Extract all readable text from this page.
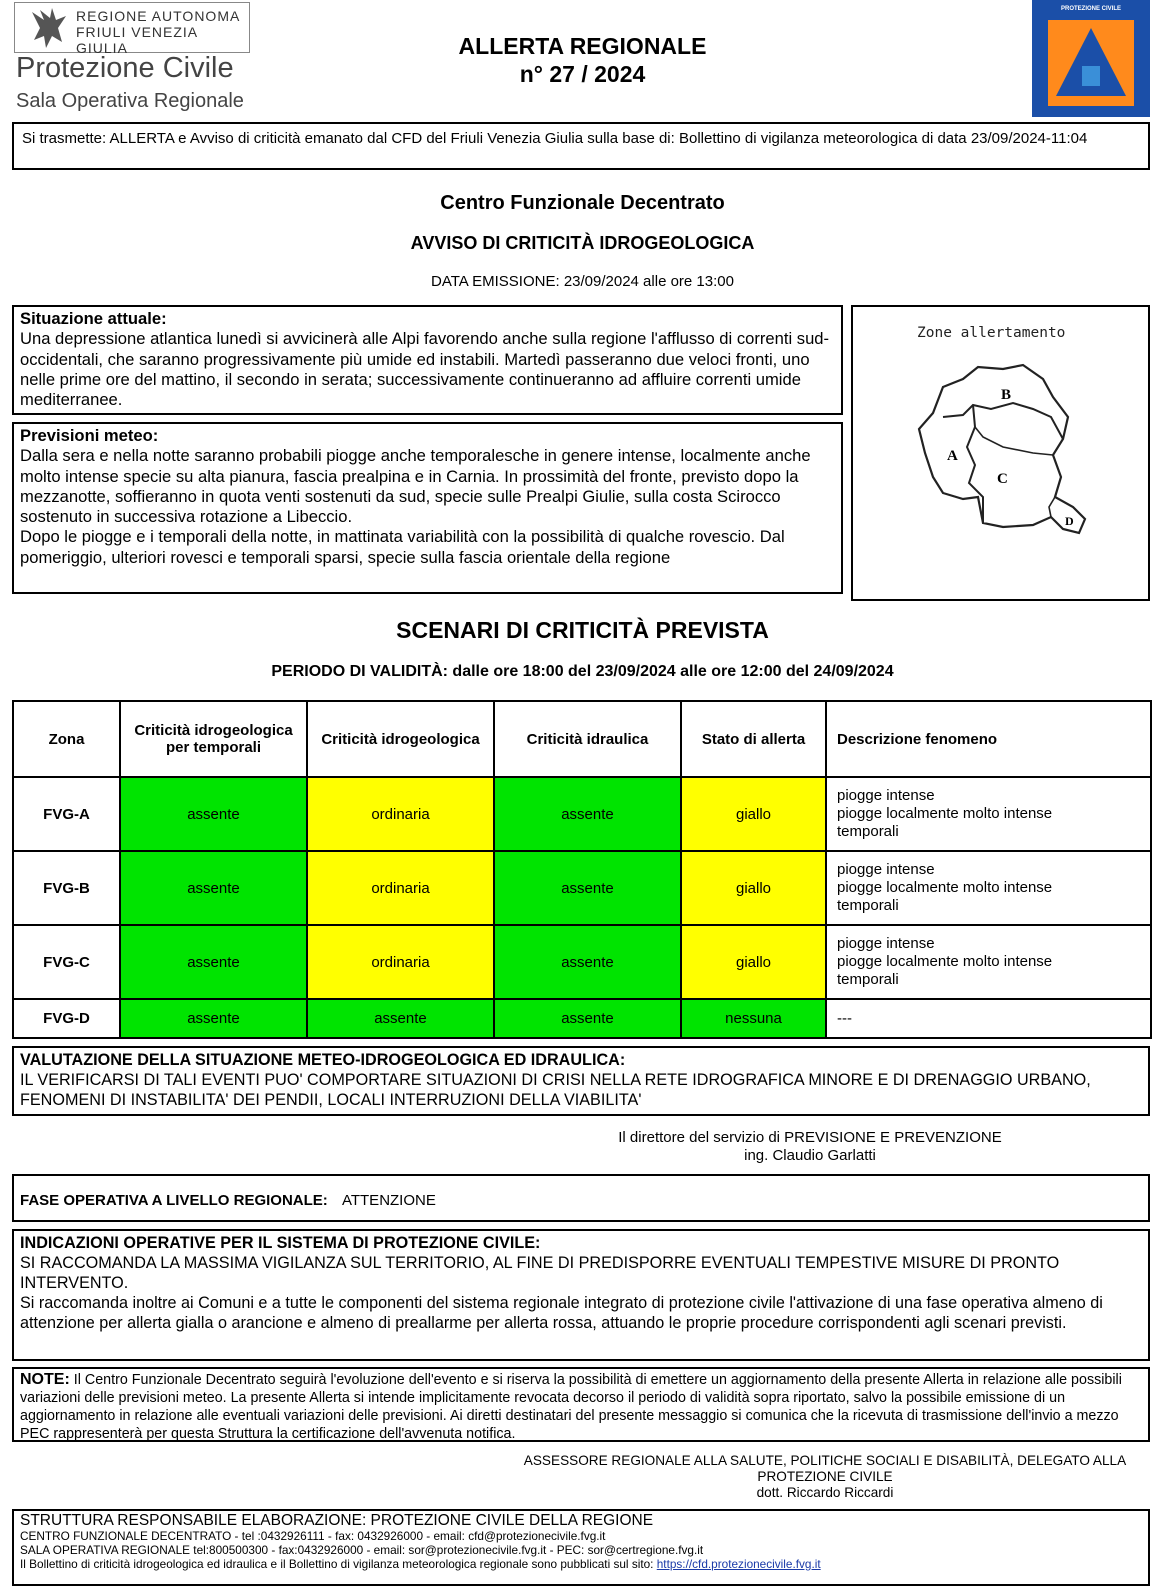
REGIONE AUTONOMA FRIULI VENEZIA GIULIA
Protezione Civile
Sala Operativa Regionale
PROTEZIONE CIVILE
ALLERTA REGIONALE
n° 27 / 2024
Si trasmette: ALLERTA e Avviso di criticità emanato dal CFD del Friuli Venezia Giulia sulla base di: Bollettino di vigilanza meteorologica di data 23/09/2024-11:04
Centro Funzionale Decentrato
AVVISO DI CRITICITÀ IDROGEOLOGICA
DATA EMISSIONE: 23/09/2024 alle ore 13:00
Situazione attuale:
Una depressione atlantica lunedì si avvicinerà alle Alpi favorendo anche sulla regione l'afflusso di correnti sud-occidentali, che saranno progressivamente più umide ed instabili. Martedì passeranno due veloci fronti, uno nelle prime ore del mattino, il secondo in serata; successivamente continueranno ad affluire correnti umide mediterranee.
Previsioni meteo:
Dalla sera e nella notte saranno probabili piogge anche temporalesche in genere intense, localmente anche molto intense specie su alta pianura, fascia prealpina e in Carnia. In prossimità del fronte, previsto dopo la mezzanotte, soffieranno in quota venti sostenuti da sud, specie sulle Prealpi Giulie, sulla costa Scirocco sostenuto in successiva rotazione a Libeccio.
Dopo le piogge e i temporali della notte, in mattinata variabilità con la possibilità di qualche rovescio. Dal pomeriggio, ulteriori rovesci e temporali sparsi, specie sulla fascia orientale della regione
Zone allertamento
B
A
C
D
SCENARI DI CRITICITÀ PREVISTA
PERIODO DI VALIDITÀ: dalle ore 18:00 del 23/09/2024 alle ore 12:00 del 24/09/2024
Zona	Criticità idrogeologica per temporali	Criticità idrogeologica	Criticità idraulica	Stato di allerta	Descrizione fenomeno
FVG-A	assente	ordinaria	assente	giallo	piogge intense
piogge localmente molto intense
temporali

FVG-B	assente	ordinaria	assente	giallo	piogge intense
piogge localmente molto intense
temporali

FVG-C	assente	ordinaria	assente	giallo	piogge intense
piogge localmente molto intense
temporali

FVG-D	assente	assente	assente	nessuna	---
VALUTAZIONE DELLA SITUAZIONE METEO-IDROGEOLOGICA ED IDRAULICA:
IL VERIFICARSI DI TALI EVENTI PUO' COMPORTARE SITUAZIONI DI CRISI NELLA RETE IDROGRAFICA MINORE E DI DRENAGGIO URBANO, FENOMENI DI INSTABILITA' DEI PENDII, LOCALI INTERRUZIONI DELLA VIABILITA'
Il direttore del servizio di PREVISIONE E PREVENZIONE
ing. Claudio Garlatti
FASE OPERATIVA A LIVELLO REGIONALE: ATTENZIONE
INDICAZIONI OPERATIVE PER IL SISTEMA DI PROTEZIONE CIVILE:
SI RACCOMANDA LA MASSIMA VIGILANZA SUL TERRITORIO, AL FINE DI PREDISPORRE EVENTUALI TEMPESTIVE MISURE DI PRONTO INTERVENTO.
Si raccomanda inoltre ai Comuni e a tutte le componenti del sistema regionale integrato di protezione civile l'attivazione di una fase operativa almeno di attenzione per allerta gialla o arancione e almeno di preallarme per allerta rossa, attuando le proprie procedure corrispondenti agli scenari previsti.
NOTE: Il Centro Funzionale Decentrato seguirà l'evoluzione dell'evento e si riserva la possibilità di emettere un aggiornamento della presente Allerta in relazione alle possibili variazioni delle previsioni meteo. La presente Allerta si intende implicitamente revocata decorso il periodo di validità sopra riportato, salvo la possibile emissione di un aggiornamento in relazione alle eventuali variazioni delle previsioni. Ai diretti destinatari del presente messaggio si comunica che la ricevuta di trasmissione dell'invio a mezzo PEC rappresenterà per questa Struttura la certificazione dell'avvenuta notifica.
ASSESSORE REGIONALE ALLA SALUTE, POLITICHE SOCIALI E DISABILITÀ, DELEGATO ALLA
PROTEZIONE CIVILE
dott. Riccardo Riccardi
STRUTTURA RESPONSABILE ELABORAZIONE: PROTEZIONE CIVILE DELLA REGIONE
CENTRO FUNZIONALE DECENTRATO - tel :0432926111 - fax: 0432926000 - email: cfd@protezionecivile.fvg.it
SALA OPERATIVA REGIONALE tel:800500300 - fax:0432926000 - email: sor@protezionecivile.fvg.it - PEC: sor@certregione.fvg.it
Il Bollettino di criticità idrogeologica ed idraulica e il Bollettino di vigilanza meteorologica regionale sono pubblicati sul sito: https://cfd.protezionecivile.fvg.it
